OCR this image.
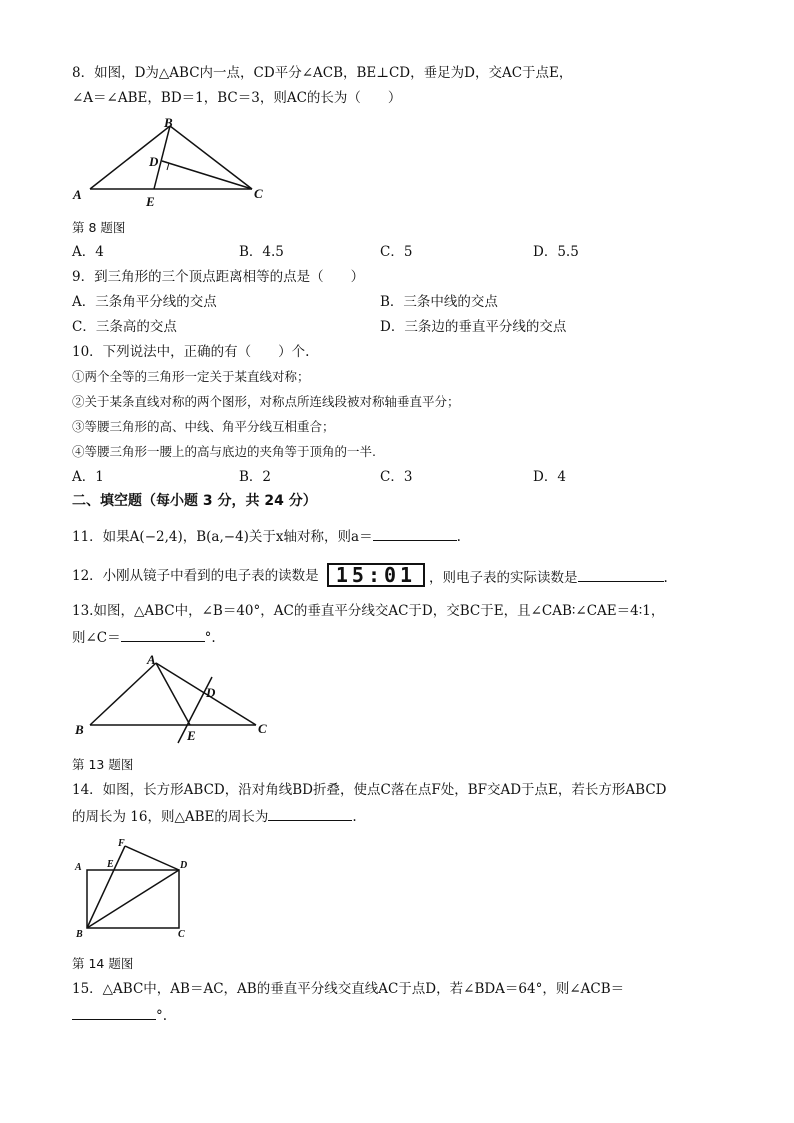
8．如图，D为△ABC内一点，CD平分∠ACB，BE⊥CD，垂足为D，交AC于点E，
∠A＝∠ABE，BD＝1，BC＝3，则AC的长为（　　）
A
B
C
D
E
第 8 题图
A．4	B．4.5	C．5	D．5.5
9．到三角形的三个顶点距离相等的点是（　　）
A．三条角平分线的交点	B．三条中线的交点
C．三条高的交点	D．三条边的垂直平分线的交点
10．下列说法中，正确的有（　　）个.
①两个全等的三角形一定关于某直线对称；
②关于某条直线对称的两个图形，对称点所连线段被对称轴垂直平分；
③等腰三角形的高、中线、角平分线互相重合；
④等腰三角形一腰上的高与底边的夹角等于顶角的一半.
A．1	B．2	C．3	D．4
二、填空题（每小题 3 分，共 24 分）
11．如果A(−2,4)，B(a,−4)关于x轴对称，则a＝	.
12．小刚从镜子中看到的电子表的读数是 15:01 ，则电子表的实际读数是	.
13.如图，△ABC中，∠B＝40°，AC的垂直平分线交AC于D，交BC于E，且∠CAB∶∠CAE＝4∶1，
则∠C＝	°.
A
B	C
D
E
第 13 题图
14．如图，长方形ABCD，沿对角线BD折叠，使点C落在点F处，BF交AD于点E，若长方形ABCD
的周长为 16，则△ABE的周长为	.
A
B	C
D
E
F
第 14 题图
15．△ABC中，AB＝AC，AB的垂直平分线交直线AC于点D，若∠BDA＝64°，则∠ACB＝
°.
